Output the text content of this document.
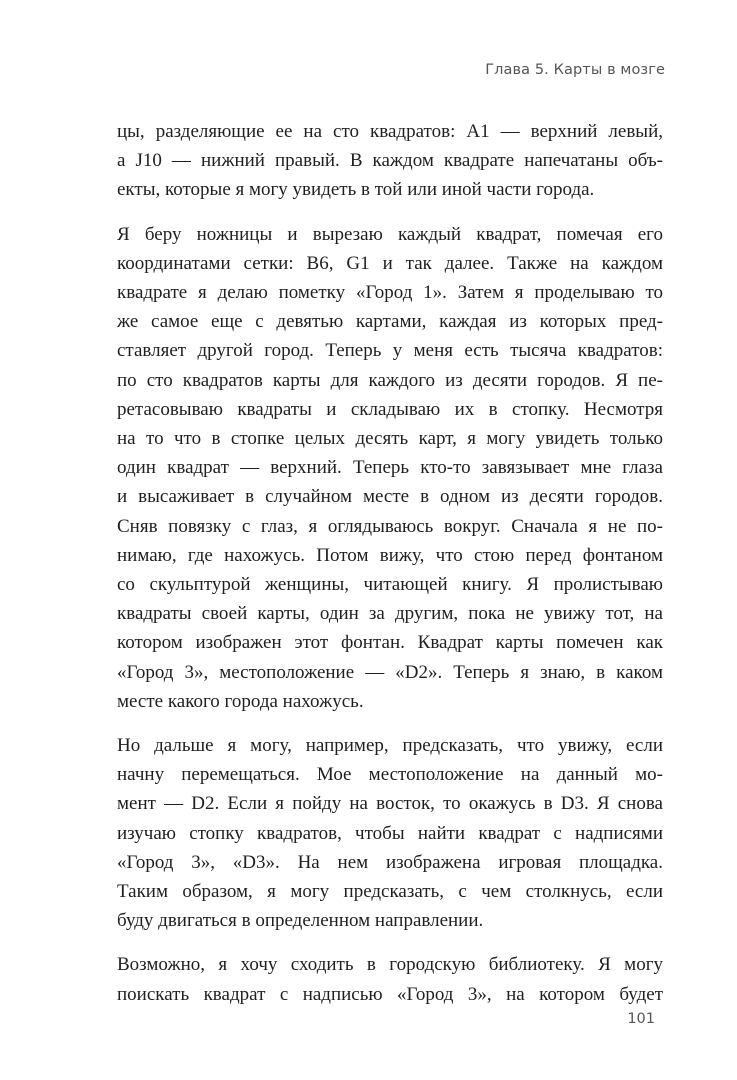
Глава 5. Карты в мозге

цы, разделяющие ее на сто квадратов: A1 — верхний левый,
а J10 — нижний правый. В каждом квадрате напечатаны объ-
екты, которые я могу увидеть в той или иной части города.

Я беру ножницы и вырезаю каждый квадрат, помечая его
координатами сетки: B6, G1 и так далее. Также на каждом
квадрате я делаю пометку «Город 1». Затем я проделываю то
же самое еще с девятью картами, каждая из которых пред-
ставляет другой город. Теперь у меня есть тысяча квадратов:
по сто квадратов карты для каждого из десяти городов. Я пе-
ретасовываю квадраты и складываю их в стопку. Несмотря
на то что в стопке целых десять карт, я могу увидеть только
один квадрат — верхний. Теперь кто-то завязывает мне глаза
и высаживает в случайном месте в одном из десяти городов.
Сняв повязку с глаз, я оглядываюсь вокруг. Сначала я не по-
нимаю, где нахожусь. Потом вижу, что стою перед фонтаном
со скульптурой женщины, читающей книгу. Я пролистываю
квадраты своей карты, один за другим, пока не увижу тот, на
котором изображен этот фонтан. Квадрат карты помечен как
«Город 3», местоположение — «D2». Теперь я знаю, в каком
месте какого города нахожусь.

Но дальше я могу, например, предсказать, что увижу, если
начну перемещаться. Мое местоположение на данный мо-
мент — D2. Если я пойду на восток, то окажусь в D3. Я снова
изучаю стопку квадратов, чтобы найти квадрат с надписями
«Город 3», «D3». На нем изображена игровая площадка.
Таким образом, я могу предсказать, с чем столкнусь, если
буду двигаться в определенном направлении.

Возможно, я хочу сходить в городскую библиотеку. Я могу
поискать квадрат с надписью «Город 3», на котором будет

101
